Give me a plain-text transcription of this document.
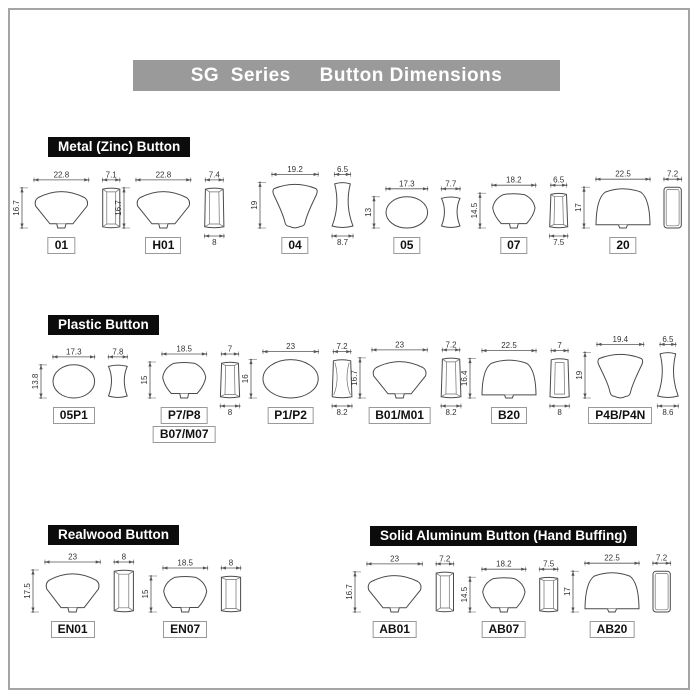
SG  Series     Button Dimensions
Metal (Zinc) Button
Plastic Button
Realwood Button	Solid Aluminum Button (Hand Buffing)
22.8
16.7
7.1	22.8
16.7
7.4
8
19.2
19
6.5
8.7
17.3
13
7.7	18.2
14.5
6.5
7.5
22.5
17
7.2
17.3
13.8
7.8	18.5
15
7
8
23
16
7.2
8.2
23
16.7
7.2
8.2
22.5
16.4
7
8
19.4
19
6.5
8.6
23
17.5
8
18.5
15
8	23
16.7
7.2
18.2
14.5
7.5
22.5
17
7.2
01	H01	04	05	07	20
05P1	P7/P8
B07/M07
P1/P2	B01/M01	B20	P4B/P4N
EN01	EN07	AB01	AB07	AB20
